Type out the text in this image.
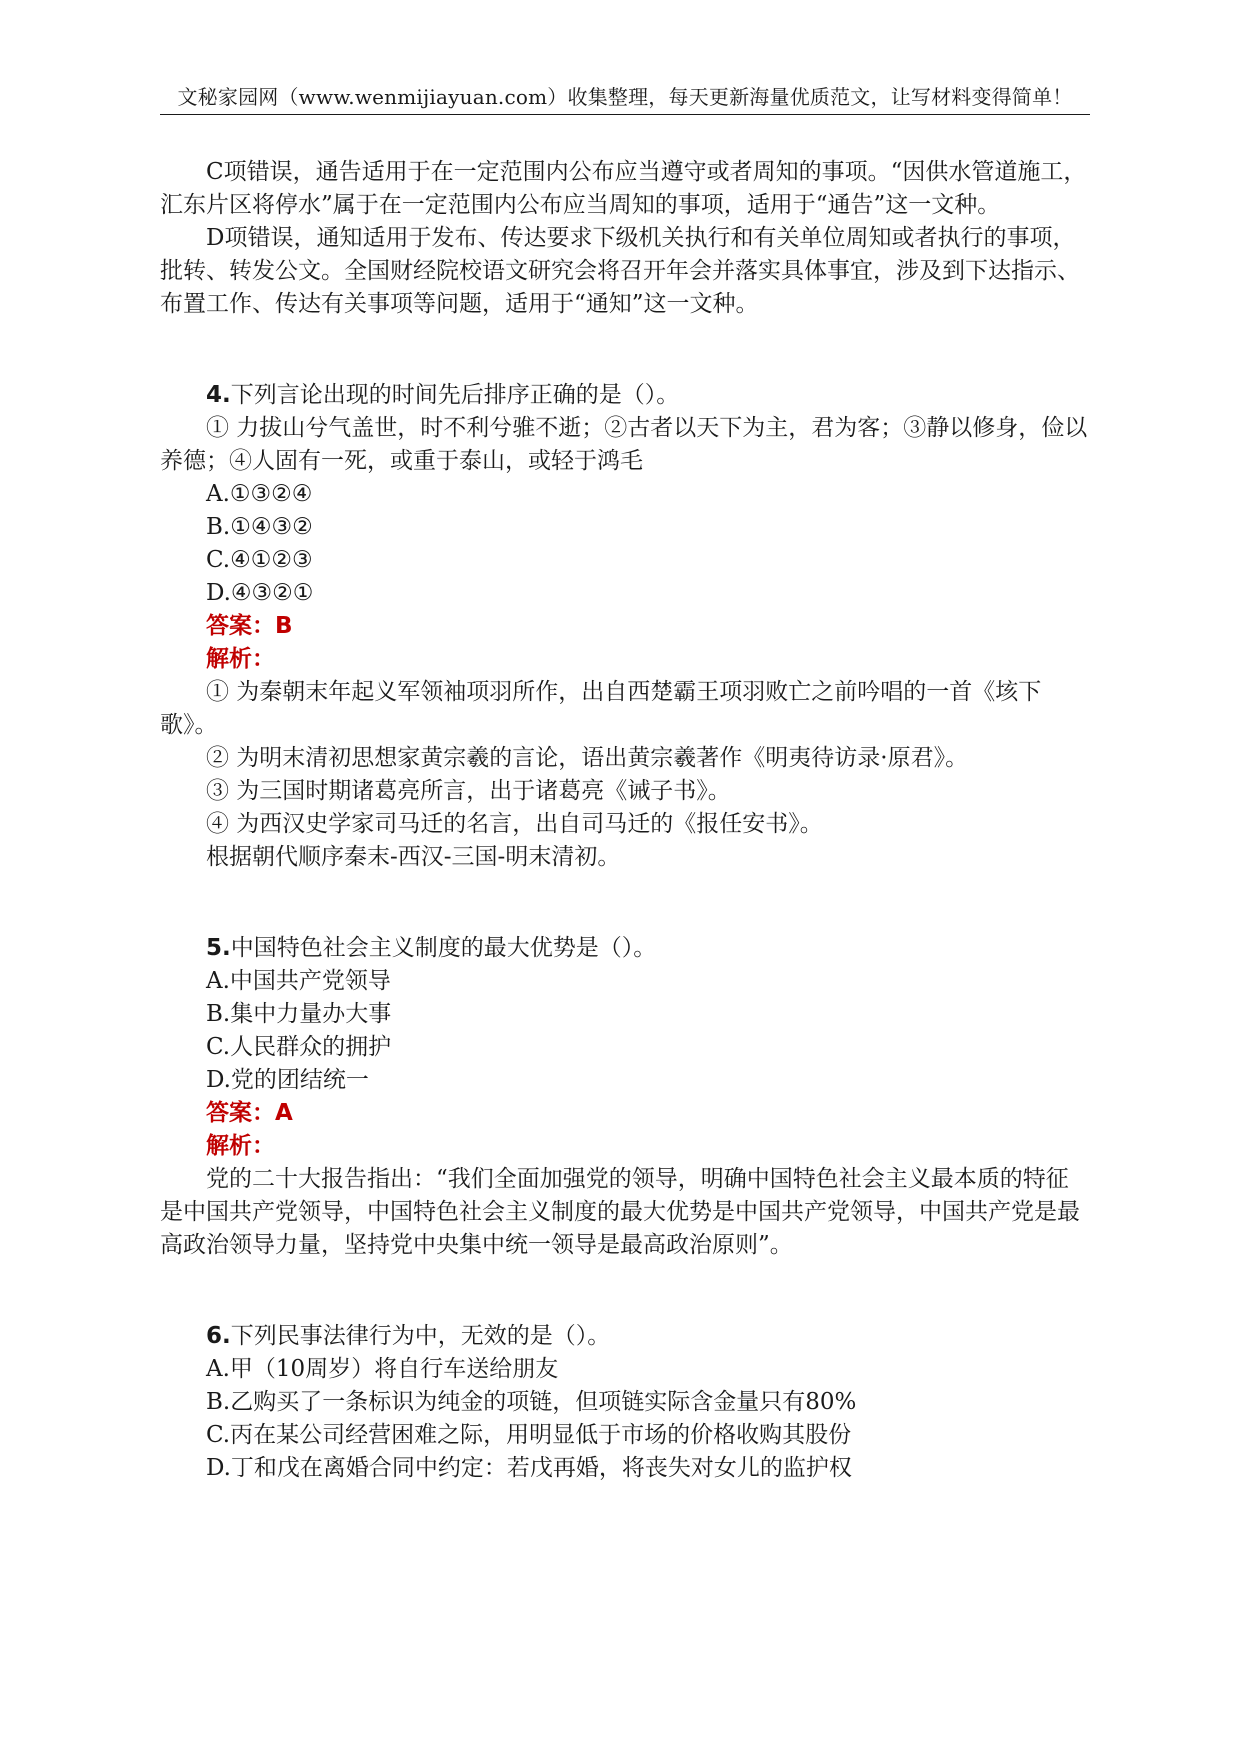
文秘家园网（www.wenmijiayuan.com）收集整理，每天更新海量优质范文，让写材料变得简单！

C项错误，通告适用于在一定范围内公布应当遵守或者周知的事项。“因供水管道施工，汇东片区将停水”属于在一定范围内公布应当周知的事项，适用于“通告”这一文种。

D项错误，通知适用于发布、传达要求下级机关执行和有关单位周知或者执行的事项，批转、转发公文。全国财经院校语文研究会将召开年会并落实具体事宜，涉及到下达指示、布置工作、传达有关事项等问题，适用于“通知”这一文种。

4.下列言论出现的时间先后排序正确的是（）。

① 力拔山兮气盖世，时不利兮骓不逝；②古者以天下为主，君为客；③静以修身，俭以养德；④人固有一死，或重于泰山，或轻于鸿毛

A.①③②④

B.①④③②

C.④①②③

D.④③②①

答案：B

解析：

① 为秦朝末年起义军领袖项羽所作，出自西楚霸王项羽败亡之前吟唱的一首《垓下歌》。

② 为明末清初思想家黄宗羲的言论，语出黄宗羲著作《明夷待访录·原君》。

③ 为三国时期诸葛亮所言，出于诸葛亮《诫子书》。

④ 为西汉史学家司马迁的名言，出自司马迁的《报任安书》。

根据朝代顺序秦末-西汉-三国-明末清初。

5.中国特色社会主义制度的最大优势是（）。

A.中国共产党领导

B.集中力量办大事

C.人民群众的拥护

D.党的团结统一

答案：A

解析：

党的二十大报告指出：“我们全面加强党的领导，明确中国特色社会主义最本质的特征是中国共产党领导，中国特色社会主义制度的最大优势是中国共产党领导，中国共产党是最高政治领导力量，坚持党中央集中统一领导是最高政治原则”。

6.下列民事法律行为中，无效的是（）。

A.甲（10周岁）将自行车送给朋友

B.乙购买了一条标识为纯金的项链，但项链实际含金量只有80%

C.丙在某公司经营困难之际，用明显低于市场的价格收购其股份

D.丁和戊在离婚合同中约定：若戊再婚，将丧失对女儿的监护权
